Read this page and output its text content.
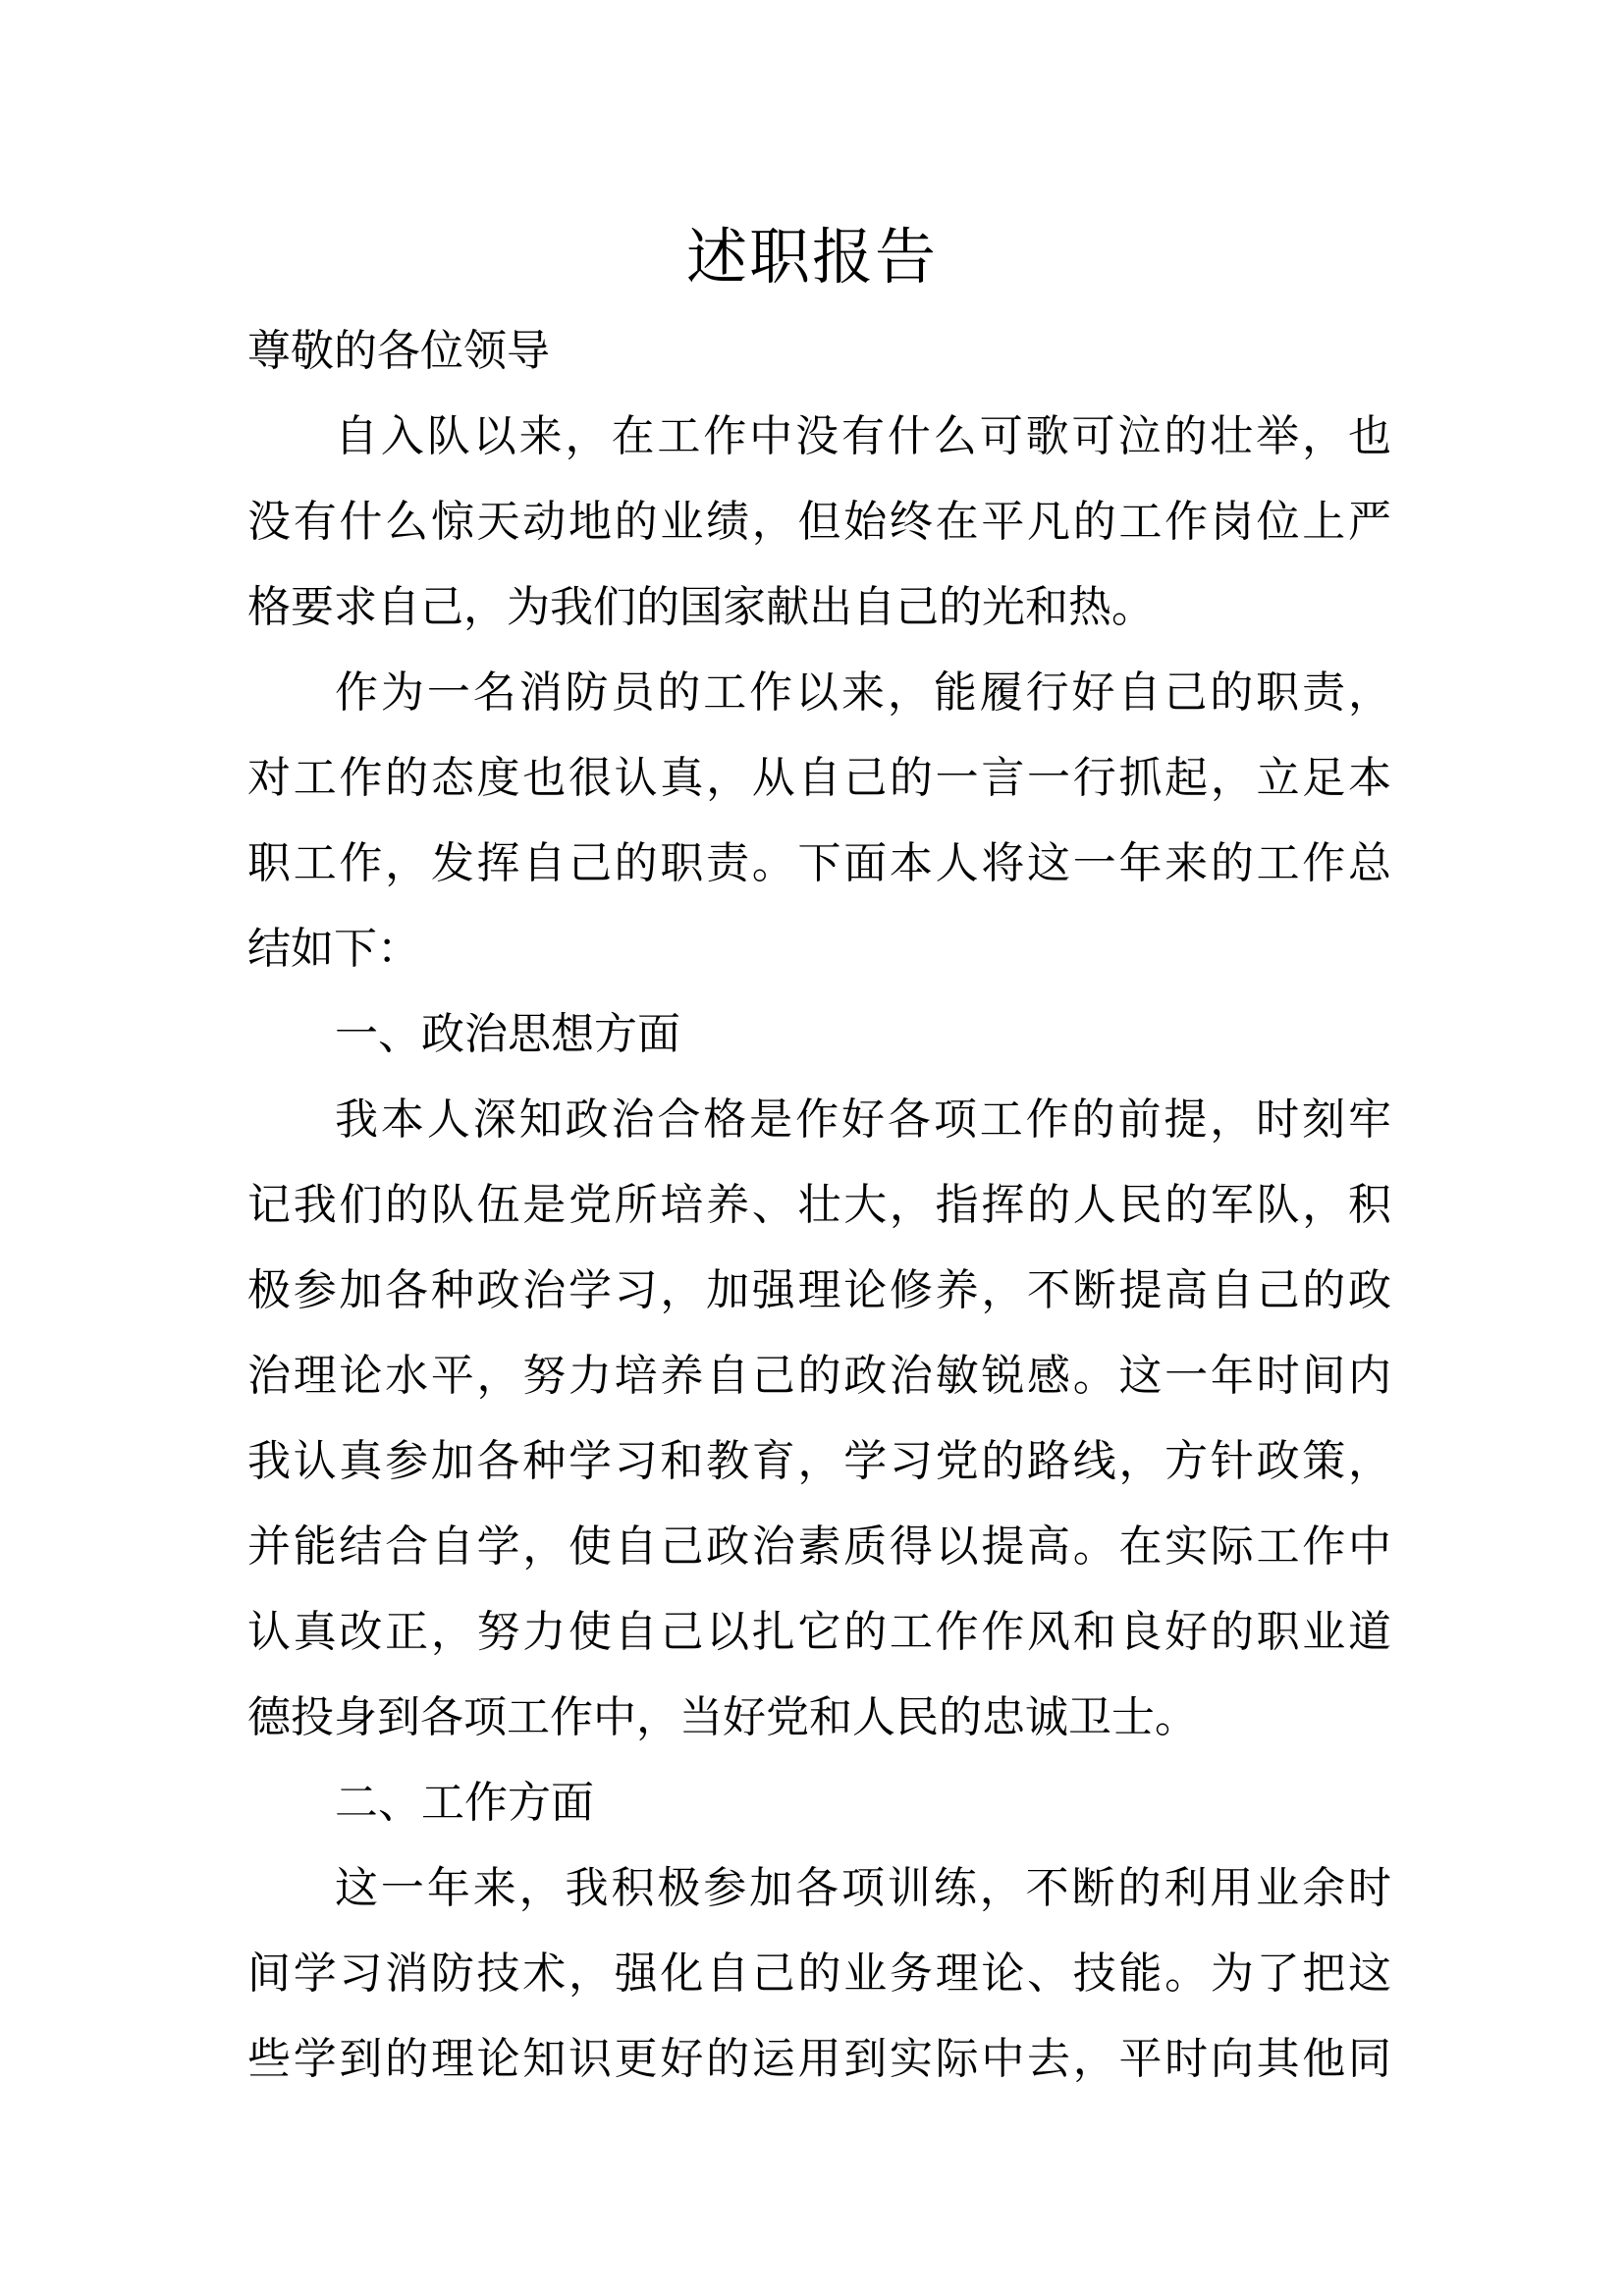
述职报告
尊敬的各位领导
自入队以来，在工作中没有什么可歌可泣的壮举，也
没有什么惊天动地的业绩，但始终在平凡的工作岗位上严
格要求自己，为我们的国家献出自己的光和热。
作为一名消防员的工作以来，能履行好自己的职责，
对工作的态度也很认真，从自己的一言一行抓起，立足本
职工作，发挥自己的职责。下面本人将这一年来的工作总
结如下：
一、政治思想方面
我本人深知政治合格是作好各项工作的前提，时刻牢
记我们的队伍是党所培养、壮大，指挥的人民的军队，积
极参加各种政治学习，加强理论修养，不断提高自己的政
治理论水平，努力培养自己的政治敏锐感。这一年时间内
我认真参加各种学习和教育，学习党的路线，方针政策，
并能结合自学，使自己政治素质得以提高。在实际工作中
认真改正，努力使自己以扎它的工作作风和良好的职业道
德投身到各项工作中，当好党和人民的忠诚卫士。
二、工作方面
这一年来，我积极参加各项训练，不断的利用业余时
间学习消防技术，强化自己的业务理论、技能。为了把这
些学到的理论知识更好的运用到实际中去，平时向其他同
